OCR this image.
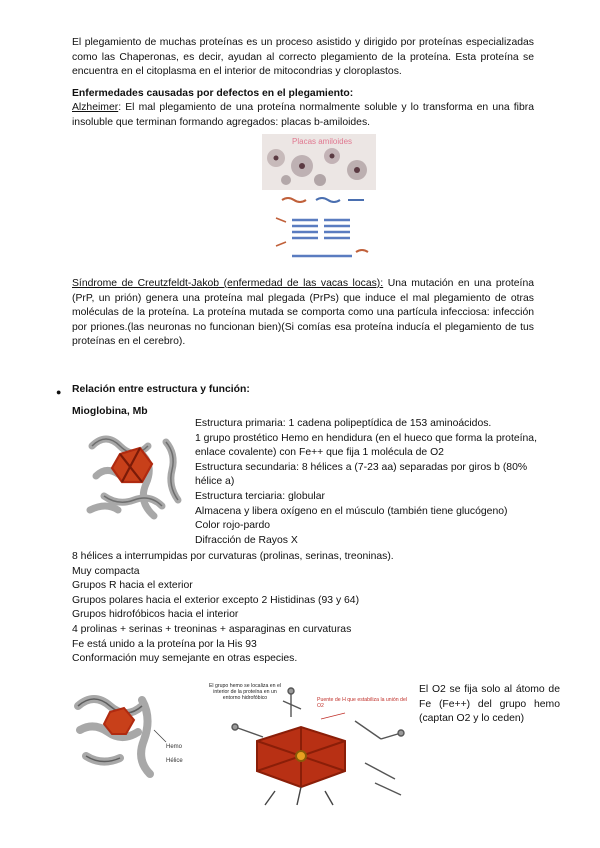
El plegamiento de muchas proteínas es un proceso asistido y dirigido por proteínas especializadas como las Chaperonas, es decir, ayudan al correcto plegamiento de la proteína. Esta proteína se encuentra en el citoplasma en el interior de mitocondrias y cloroplastos.

Enfermedades causadas por defectos en el plegamiento:

Alzheimer: El mal plegamiento de una proteína normalmente soluble y lo transforma en una fibra insoluble que terminan formando agregados: placas b-amiloides.

Placas amiloides

Síndrome de Creutzfeldt-Jakob (enfermedad de las vacas locas): Una mutación en una proteína (PrP, un prión) genera una proteína mal plegada (PrPs) que induce el mal plegamiento de otras moléculas de la proteína. La proteína mutada se comporta como una partícula infecciosa: infección por priones.(las neuronas no funcionan bien)(Si comías esa proteína inducía el plegamiento de tus proteínas en el cerebro).

● Relación entre estructura y función:

Mioglobina, Mb

Estructura primaria: 1 cadena polipeptídica de 153 aminoácidos.
1 grupo prostético Hemo en hendidura (en el hueco que forma la proteína,
enlace covalente) con Fe++ que fija 1 molécula de O2
Estructura secundaria: 8 hélices a (7-23 aa) separadas por giros b (80%
hélice a)
Estructura terciaria: globular
Almacena y libera oxígeno en el músculo (también tiene glucógeno)
Color rojo-pardo
Difracción de Rayos X
8 hélices a interrumpidas por curvaturas (prolinas, serinas, treoninas).
Muy compacta
Grupos R hacia el exterior
Grupos polares hacia el exterior excepto 2 Histidinas (93 y 64)
Grupos hidrofóbicos hacia el interior
4 prolinas + serinas + treoninas + asparaginas en curvaturas
Fe está unido a la proteína por la His 93
Conformación muy semejante en otras especies.
Hemo
Hélice
El grupo hemo se localiza en el interior de la proteína en un entorno hidrofóbico	Puente de H que estabiliza la unión del O2

El O2 se fija solo al átomo de Fe (Fe++) del grupo hemo (captan O2 y lo ceden)
